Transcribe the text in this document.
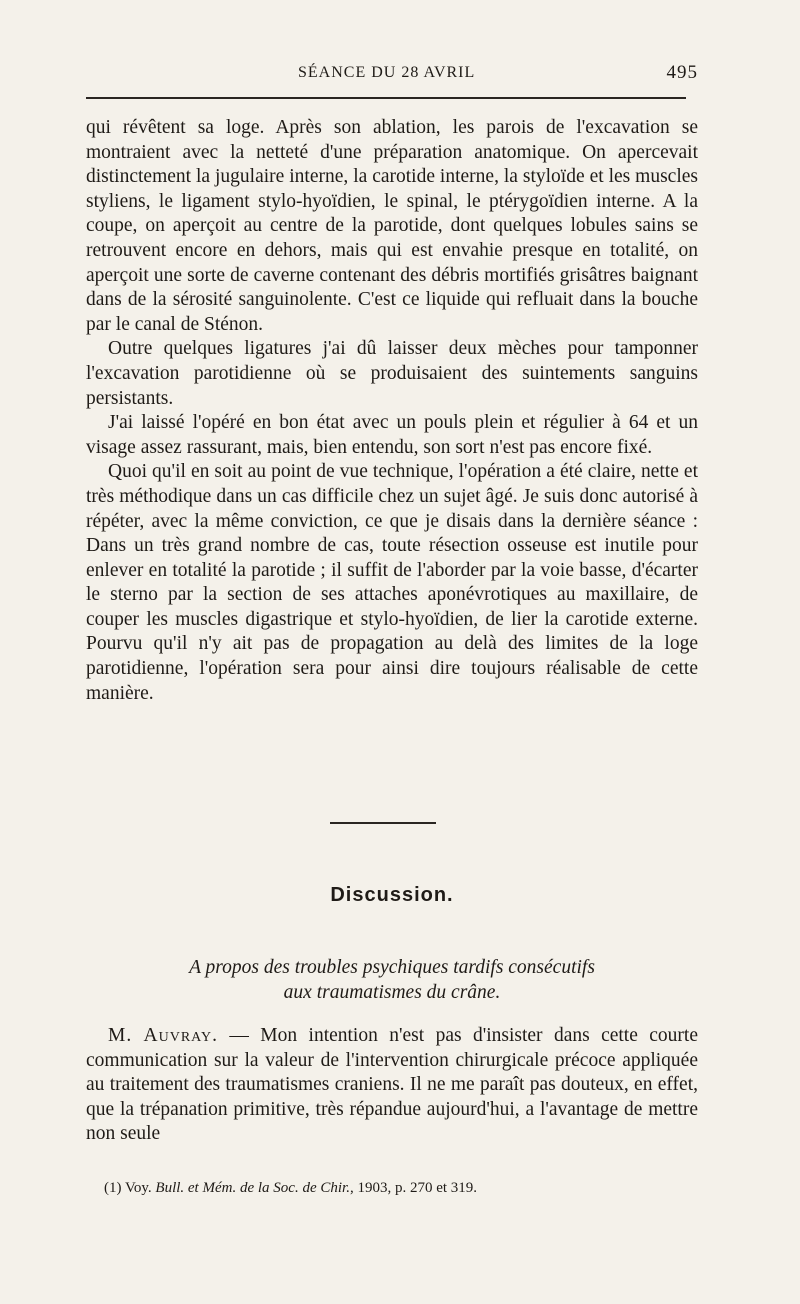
SÉANCE DU 28 AVRIL	495

qui révêtent sa loge. Après son ablation, les parois de l'excavation se montraient avec la netteté d'une préparation anatomique. On apercevait distinctement la jugulaire interne, la carotide interne, la styloïde et les muscles styliens, le ligament stylo-hyoïdien, le spinal, le ptérygoïdien interne. A la coupe, on aperçoit au centre de la parotide, dont quelques lobules sains se retrouvent encore en dehors, mais qui est envahie presque en totalité, on aperçoit une sorte de caverne contenant des débris mortifiés grisâtres baignant dans de la sérosité sanguinolente. C'est ce liquide qui refluait dans la bouche par le canal de Sténon.

Outre quelques ligatures j'ai dû laisser deux mèches pour tamponner l'excavation parotidienne où se produisaient des suintements sanguins persistants.

J'ai laissé l'opéré en bon état avec un pouls plein et régulier à 64 et un visage assez rassurant, mais, bien entendu, son sort n'est pas encore fixé.

Quoi qu'il en soit au point de vue technique, l'opération a été claire, nette et très méthodique dans un cas difficile chez un sujet âgé. Je suis donc autorisé à répéter, avec la même conviction, ce que je disais dans la dernière séance : Dans un très grand nombre de cas, toute résection osseuse est inutile pour enlever en totalité la parotide ; il suffit de l'aborder par la voie basse, d'écarter le sterno par la section de ses attaches aponévrotiques au maxillaire, de couper les muscles digastrique et stylo-hyoïdien, de lier la carotide externe. Pourvu qu'il n'y ait pas de propagation au delà des limites de la loge parotidienne, l'opération sera pour ainsi dire toujours réalisable de cette manière.

Discussion.
A propos des troubles psychiques tardifs consécutifs
aux traumatismes du crâne.

M. Auvray. — Mon intention n'est pas d'insister dans cette courte communication sur la valeur de l'intervention chirurgicale précoce appliquée au traitement des traumatismes craniens. Il ne me paraît pas douteux, en effet, que la trépanation primitive, très répandue aujourd'hui, a l'avantage de mettre non seule

(1) Voy. Bull. et Mém. de la Soc. de Chir., 1903, p. 270 et 319.
